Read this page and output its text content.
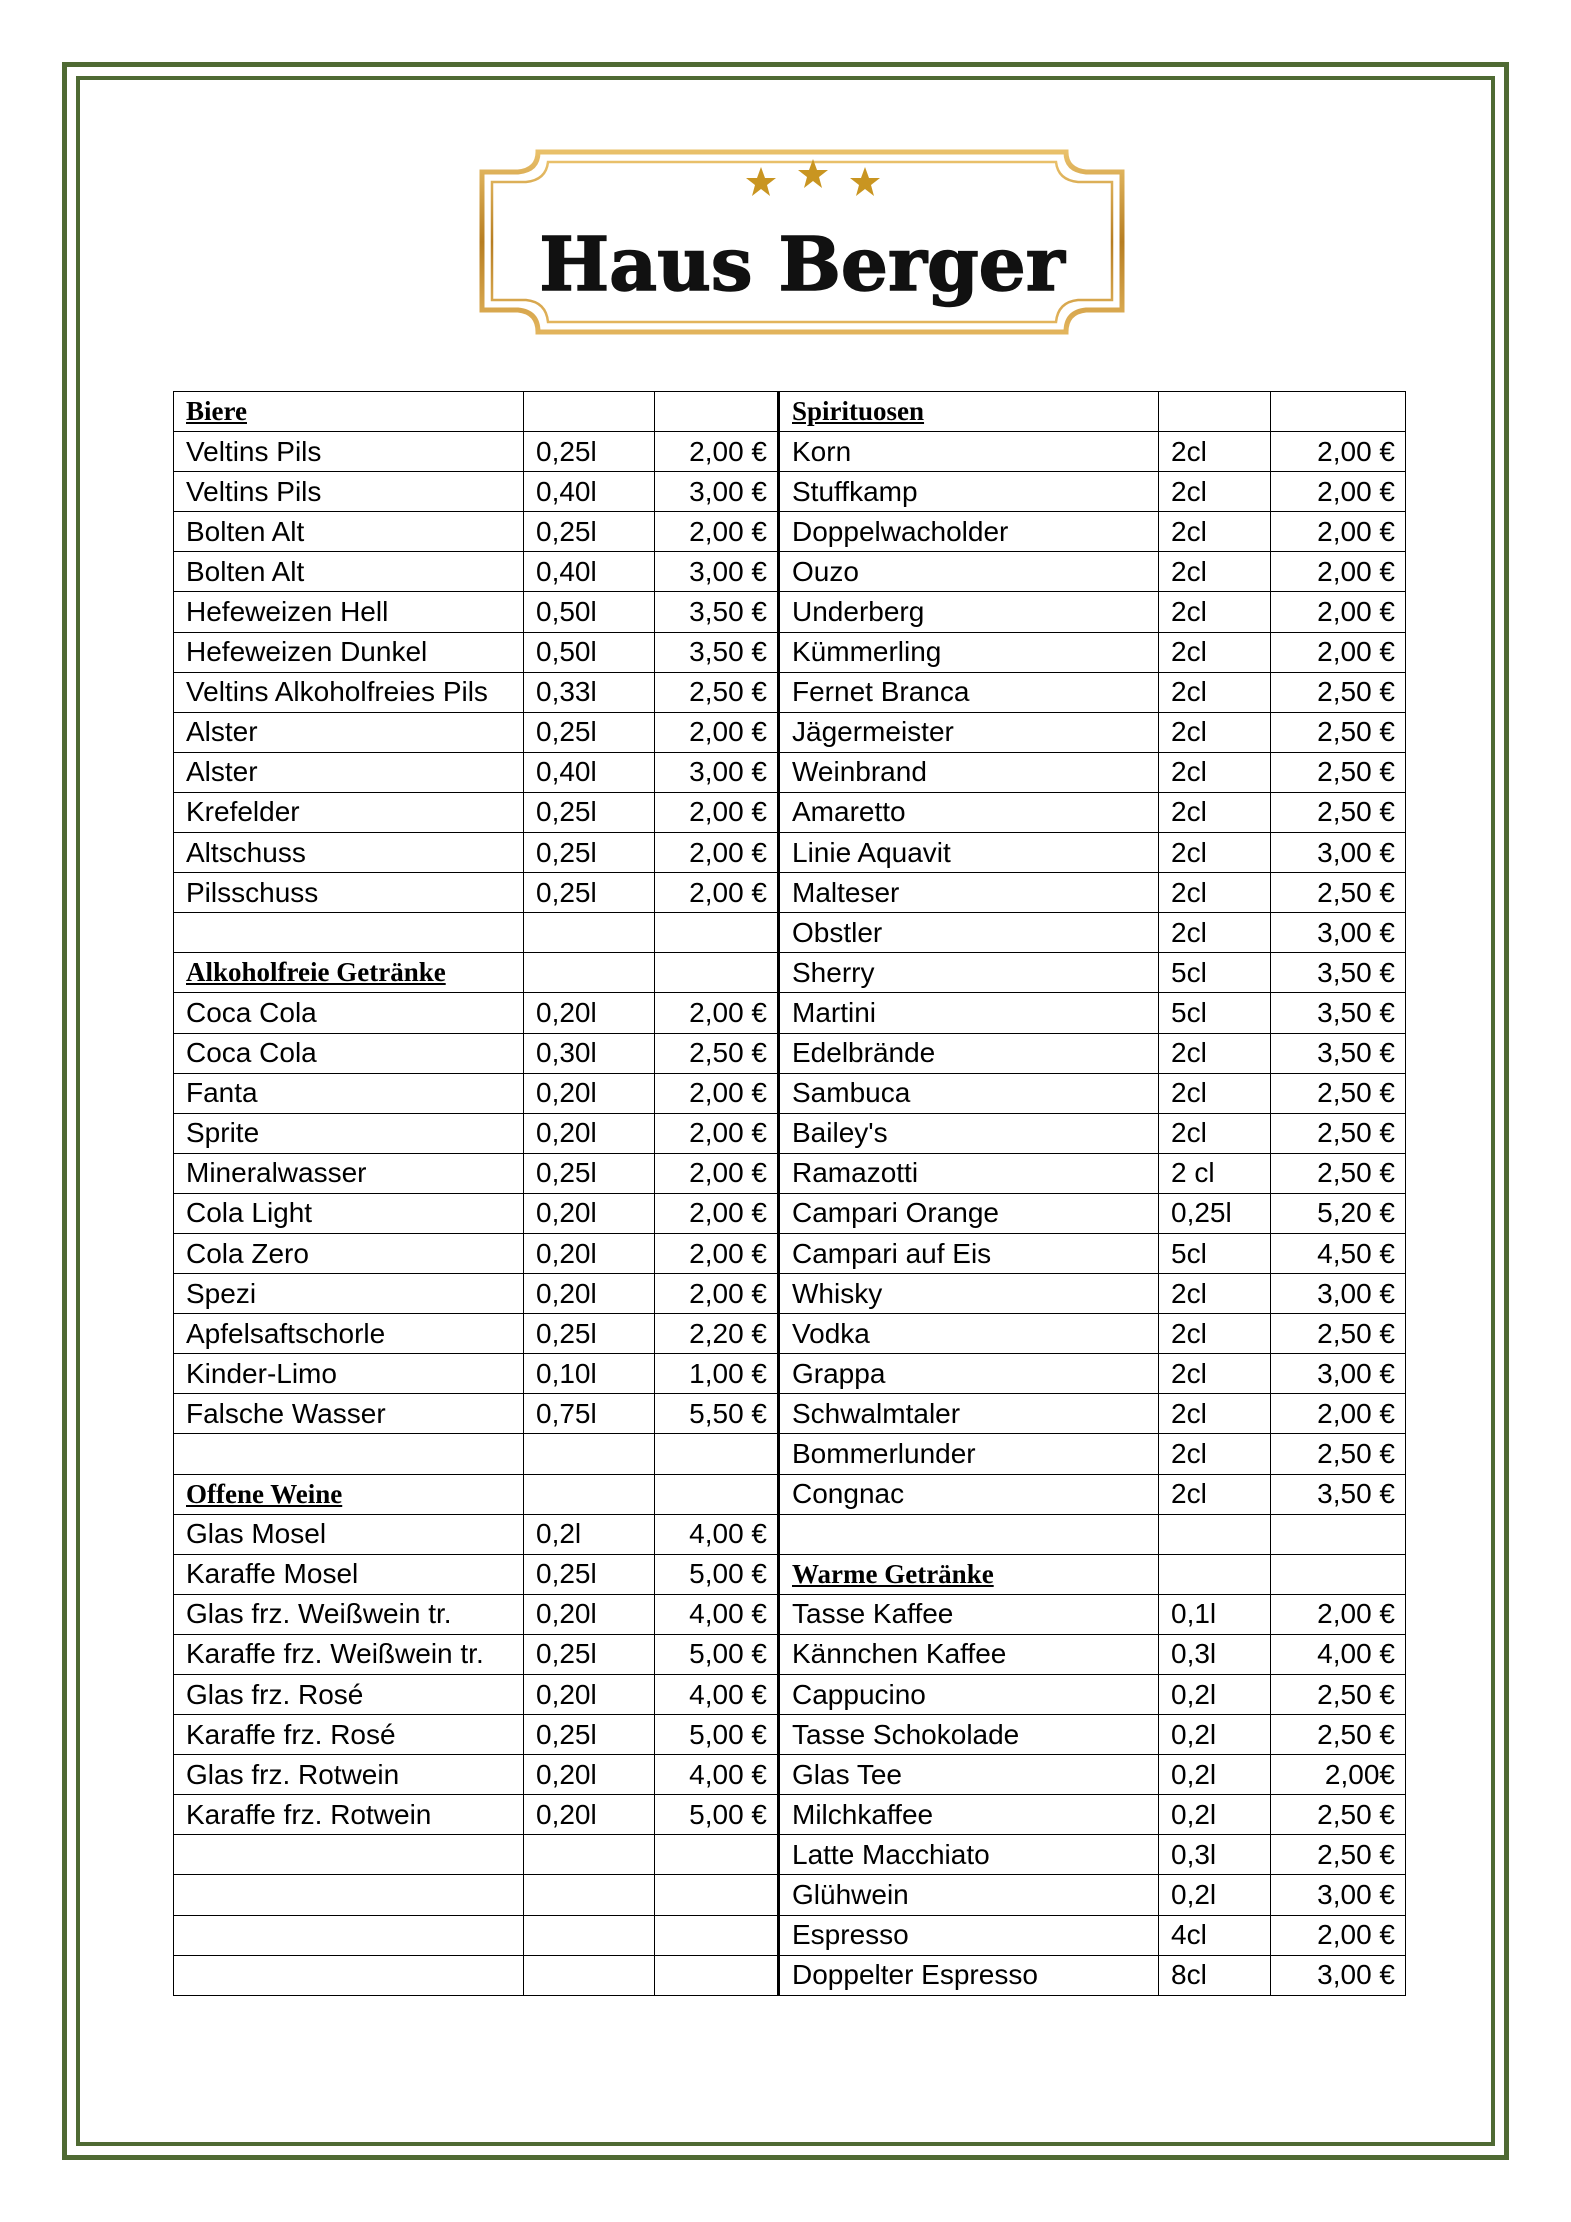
Haus Berger
Biere			Spirituosen		
Veltins Pils	0,25l	2,00 €	Korn	2cl	2,00 €
Veltins Pils	0,40l	3,00 €	Stuffkamp	2cl	2,00 €
Bolten Alt	0,25l	2,00 €	Doppelwacholder	2cl	2,00 €
Bolten Alt	0,40l	3,00 €	Ouzo	2cl	2,00 €
Hefeweizen Hell	0,50l	3,50 €	Underberg	2cl	2,00 €
Hefeweizen Dunkel	0,50l	3,50 €	Kümmerling	2cl	2,00 €
Veltins Alkoholfreies Pils	0,33l	2,50 €	Fernet Branca	2cl	2,50 €
Alster	0,25l	2,00 €	Jägermeister	2cl	2,50 €
Alster	0,40l	3,00 €	Weinbrand	2cl	2,50 €
Krefelder	0,25l	2,00 €	Amaretto	2cl	2,50 €
Altschuss	0,25l	2,00 €	Linie Aquavit	2cl	3,00 €
Pilsschuss	0,25l	2,00 €	Malteser	2cl	2,50 €
			Obstler	2cl	3,00 €
Alkoholfreie Getränke			Sherry	5cl	3,50 €
Coca Cola	0,20l	2,00 €	Martini	5cl	3,50 €
Coca Cola	0,30l	2,50 €	Edelbrände	2cl	3,50 €
Fanta	0,20l	2,00 €	Sambuca	2cl	2,50 €
Sprite	0,20l	2,00 €	Bailey's	2cl	2,50 €
Mineralwasser	0,25l	2,00 €	Ramazotti	2 cl	2,50 €
Cola Light	0,20l	2,00 €	Campari Orange	0,25l	5,20 €
Cola Zero	0,20l	2,00 €	Campari auf Eis	5cl	4,50 €
Spezi	0,20l	2,00 €	Whisky	2cl	3,00 €
Apfelsaftschorle	0,25l	2,20 €	Vodka	2cl	2,50 €
Kinder-Limo	0,10l	1,00 €	Grappa	2cl	3,00 €
Falsche Wasser	0,75l	5,50 €	Schwalmtaler	2cl	2,00 €
			Bommerlunder	2cl	2,50 €
Offene Weine			Congnac	2cl	3,50 €
Glas Mosel	0,2l	4,00 €			
Karaffe Mosel	0,25l	5,00 €	Warme Getränke		
Glas frz. Weißwein tr.	0,20l	4,00 €	Tasse Kaffee	0,1l	2,00 €
Karaffe frz. Weißwein tr.	0,25l	5,00 €	Kännchen Kaffee	0,3l	4,00 €
Glas frz. Rosé	0,20l	4,00 €	Cappucino	0,2l	2,50 €
Karaffe frz. Rosé	0,25l	5,00 €	Tasse Schokolade	0,2l	2,50 €
Glas frz. Rotwein	0,20l	4,00 €	Glas Tee	0,2l	2,00€
Karaffe frz. Rotwein	0,20l	5,00 €	Milchkaffee	0,2l	2,50 €
			Latte Macchiato	0,3l	2,50 €
			Glühwein	0,2l	3,00 €
			Espresso	4cl	2,00 €
			Doppelter Espresso	8cl	3,00 €
